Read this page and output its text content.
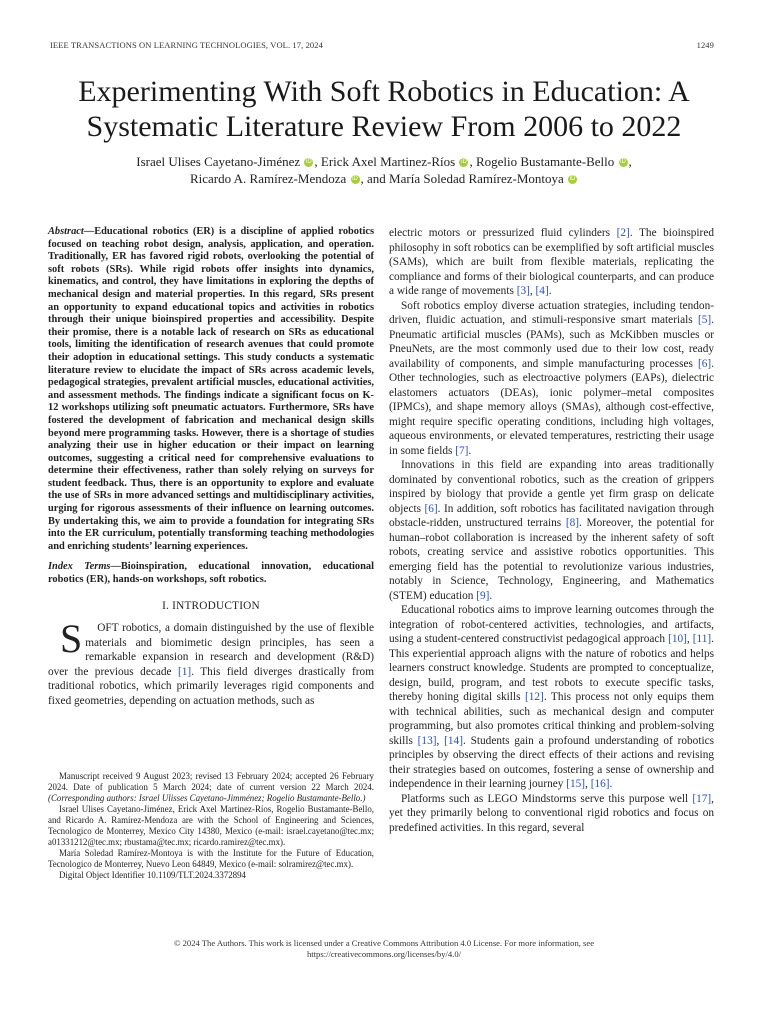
IEEE TRANSACTIONS ON LEARNING TECHNOLOGIES, VOL. 17, 2024	1249
Experimenting With Soft Robotics in Education: A
Systematic Literature Review From 2006 to 2022
Israel Ulises Cayetano-Jiménez iD , Erick Axel Martinez-Ríos iD , Rogelio Bustamante-Bello iD ,
Ricardo A. Ramírez-Mendoza iD , and María Soledad Ramírez-Montoya iD

Abstract—Educational robotics (ER) is a discipline of applied robotics focused on teaching robot design, analysis, application, and operation. Traditionally, ER has favored rigid robots, overlooking the potential of soft robots (SRs). While rigid robots offer insights into dynamics, kinematics, and control, they have limitations in exploring the depths of mechanical design and material properties. In this regard, SRs present an opportunity to expand educational topics and activities in robotics through their unique bioinspired properties and accessibility. Despite their promise, there is a notable lack of research on SRs as educational tools, limiting the identification of research avenues that could promote their adoption in educational settings. This study conducts a systematic literature review to elucidate the impact of SRs across academic levels, pedagogical strategies, prevalent artificial muscles, educational activities, and assessment methods. The findings indicate a significant focus on K-12 workshops utilizing soft pneumatic actuators. Furthermore, SRs have fostered the development of fabrication and mechanical design skills beyond mere programming tasks. However, there is a shortage of studies analyzing their use in higher education or their impact on learning outcomes, suggesting a critical need for comprehensive evaluations to determine their effectiveness, rather than solely relying on surveys for student feedback. Thus, there is an opportunity to explore and evaluate the use of SRs in more advanced settings and multidisciplinary activities, urging for rigorous assessments of their influence on learning outcomes. By undertaking this, we aim to provide a foundation for integrating SRs into the ER curriculum, potentially transforming teaching methodologies and enriching students’ learning experiences.

Index Terms—Bioinspiration, educational innovation, educational robotics (ER), hands-on workshops, soft robotics.

I. INTRODUCTION

S OFT robotics, a domain distinguished by the use of flexible materials and biomimetic design principles, has seen a remarkable expansion in research and development (R&D) over the previous decade [1]. This field diverges drastically from traditional robotics, which primarily leverages rigid components and fixed geometries, depending on actuation methods, such as

Manuscript received 9 August 2023; revised 13 February 2024; accepted 26 February 2024. Date of publication 5 March 2024; date of current version 22 March 2024. (Corresponding authors: Israel Ulisses Cayetano-Jimménez; Rogelio Bustamante-Bello.)

Israel Ulises Cayetano-Jiménez, Erick Axel Martinez-Ríos, Rogelio Bustamante-Bello, and Ricardo A. Ramírez-Mendoza are with the School of Engineering and Sciences, Tecnologico de Monterrey, Mexico City 14380, Mexico (e-mail: israel.cayetano@tec.mx; a01331212@tec.mx; rbustama@tec.mx; ricardo.ramirez@tec.mx).

María Soledad Ramírez-Montoya is with the Institute for the Future of Education, Tecnologico de Monterrey, Nuevo Leon 64849, Mexico (e-mail: solramirez@tec.mx).

Digital Object Identifier 10.1109/TLT.2024.3372894

electric motors or pressurized fluid cylinders [2]. The bioinspired philosophy in soft robotics can be exemplified by soft artificial muscles (SAMs), which are built from flexible materials, replicating the compliance and forms of their biological counterparts, and can produce a wide range of movements [3], [4].

Soft robotics employ diverse actuation strategies, including tendon-driven, fluidic actuation, and stimuli-responsive smart materials [5]. Pneumatic artificial muscles (PAMs), such as McKibben muscles or PneuNets, are the most commonly used due to their low cost, ready availability of components, and simple manufacturing processes [6]. Other technologies, such as electroactive polymers (EAPs), dielectric elastomers actuators (DEAs), ionic polymer–metal composites (IPMCs), and shape memory alloys (SMAs), although cost-effective, might require specific operating conditions, including high voltages, aqueous environments, or elevated temperatures, restricting their usage in some fields [7].

Innovations in this field are expanding into areas traditionally dominated by conventional robotics, such as the creation of grippers inspired by biology that provide a gentle yet firm grasp on delicate objects [6]. In addition, soft robotics has facilitated navigation through obstacle-ridden, unstructured terrains [8]. Moreover, the potential for human–robot collaboration is increased by the inherent safety of soft robots, creating service and assistive robotics opportunities. This emerging field has the potential to revolutionize various industries, notably in Science, Technology, Engineering, and Mathematics (STEM) education [9].

Educational robotics aims to improve learning outcomes through the integration of robot-centered activities, technologies, and artifacts, using a student-centered constructivist pedagogical approach [10], [11]. This experiential approach aligns with the nature of robotics and helps learners construct knowledge. Students are prompted to conceptualize, design, build, program, and test robots to execute specific tasks, thereby honing digital skills [12]. This process not only equips them with technical abilities, such as mechanical design and computer programming, but also promotes critical thinking and problem-solving skills [13], [14]. Students gain a profound understanding of robotics principles by observing the direct effects of their actions and revising their strategies based on outcomes, fostering a sense of ownership and independence in their learning journey [15], [16].

Platforms such as LEGO Mindstorms serve this purpose well [17], yet they primarily belong to conventional rigid robotics and focus on predefined activities. In this regard, several

© 2024 The Authors. This work is licensed under a Creative Commons Attribution 4.0 License. For more information, see
https://creativecommons.org/licenses/by/4.0/
